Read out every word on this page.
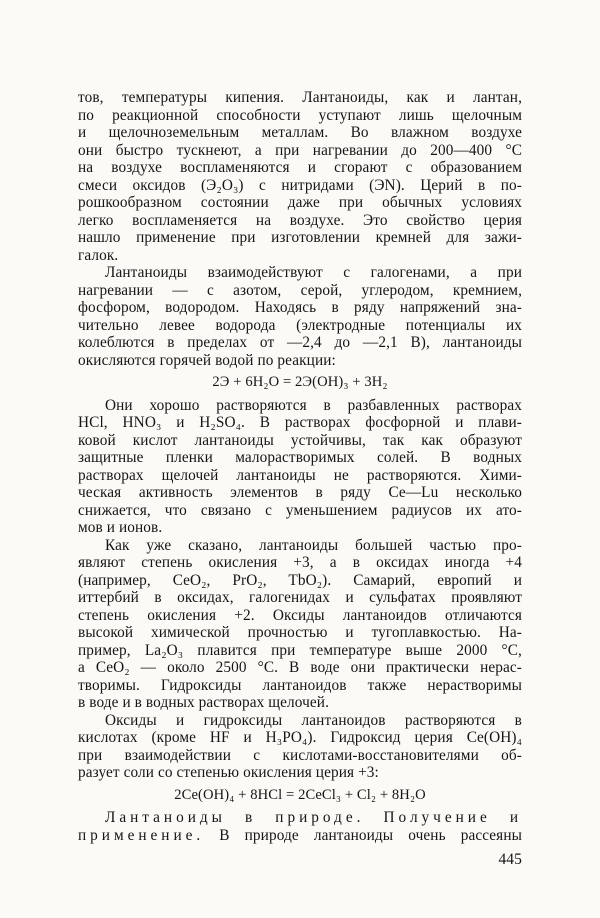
тов, температуры кипения. Лантаноиды, как и лантан,
по реакционной способности уступают лишь щелочным
и щелочноземельным металлам. Во влажном воздухе
они быстро тускнеют, а при нагревании до 200—400 °С
на воздухе воспламеняются и сгорают с образованием
смеси оксидов (Э₂О₃) с нитридами (ЭN). Церий в по-
рошкообразном состоянии даже при обычных условиях
легко воспламеняется на воздухе. Это свойство церия
нашло применение при изготовлении кремней для зажи-
галок.
Лантаноиды взаимодействуют с галогенами, а при
нагревании — с азотом, серой, углеродом, кремнием,
фосфором, водородом. Находясь в ряду напряжений зна-
чительно левее водорода (электродные потенциалы их
колеблются в пределах от —2,4 до —2,1 В), лантаноиды
окисляются горячей водой по реакции:
2Э + 6H₂O = 2Э(OH)₃ + 3H₂
Они хорошо растворяются в разбавленных растворах
HCl, HNO₃ и H₂SO₄. В растворах фосфорной и плави-
ковой кислот лантаноиды устойчивы, так как образуют
защитные пленки малорастворимых солей. В водных
растворах щелочей лантаноиды не растворяются. Хими-
ческая активность элементов в ряду Ce—Lu несколько
снижается, что связано с уменьшением радиусов их ато-
мов и ионов.
Как уже сказано, лантаноиды большей частью про-
являют степень окисления +3, а в оксидах иногда +4
(например, CeO₂, PrO₂, TbO₂). Самарий, европий и
иттербий в оксидах, галогенидах и сульфатах проявляют
степень окисления +2. Оксиды лантаноидов отличаются
высокой химической прочностью и тугоплавкостью. На-
пример, La₂O₃ плавится при температуре выше 2000 °С,
а CeO₂ — около 2500 °С. В воде они практически нерас-
творимы. Гидроксиды лантаноидов также нерастворимы
в воде и в водных растворах щелочей.
Оксиды и гидроксиды лантаноидов растворяются в
кислотах (кроме HF и H₃PO₄). Гидроксид церия Ce(OH)₄
при взаимодействии с кислотами-восстановителями об-
разует соли со степенью окисления церия +3:
2Ce(OH)₄ + 8HCl = 2CeCl₃ + Cl₂ + 8H₂O
Лантаноиды в природе. Получение и
применение. В природе лантаноиды очень рассеяны
445
